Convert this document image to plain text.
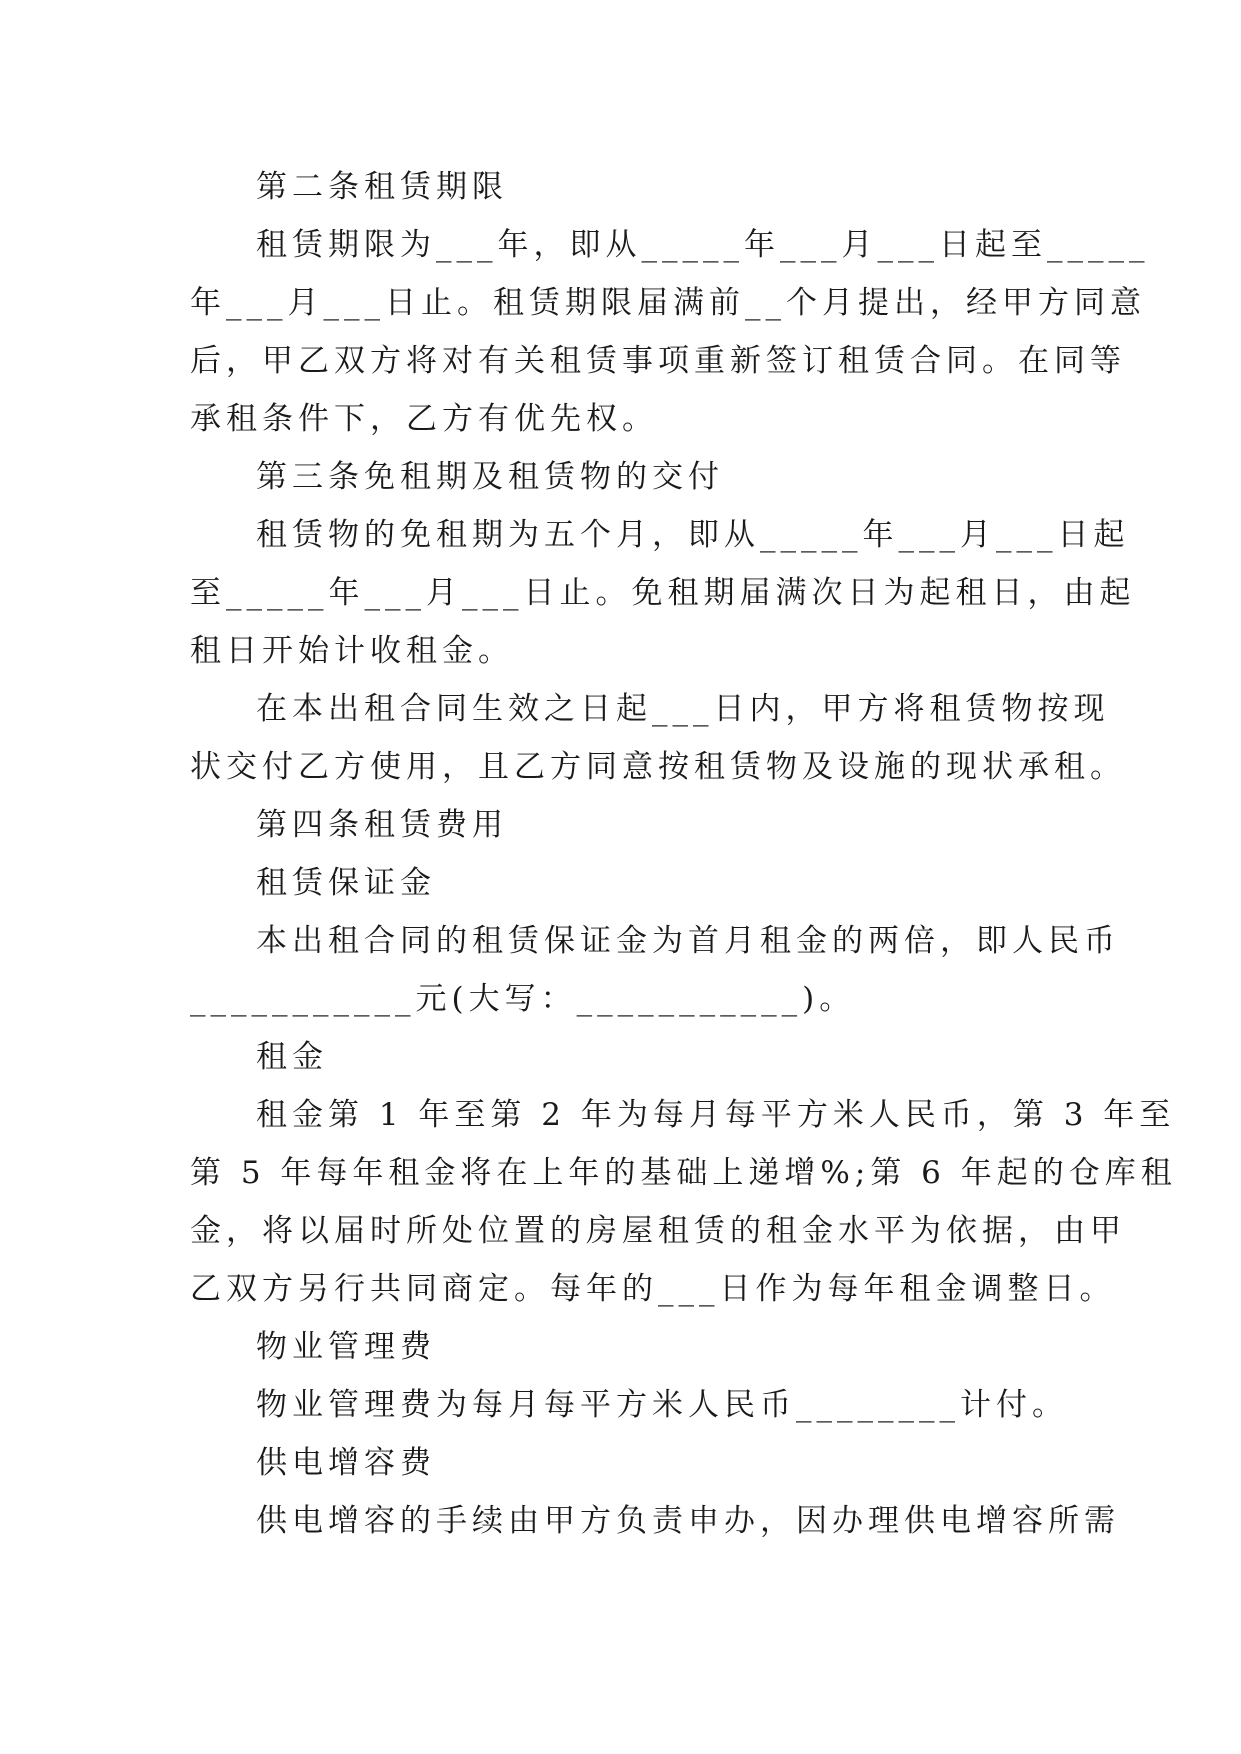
第二条租赁期限
租赁期限为___年，即从_____年___月___日起至_____
年___月___日止。租赁期限届满前__个月提出，经甲方同意
后，甲乙双方将对有关租赁事项重新签订租赁合同。在同等
承租条件下，乙方有优先权。
第三条免租期及租赁物的交付
租赁物的免租期为五个月，即从_____年___月___日起
至_____年___月___日止。免租期届满次日为起租日，由起
租日开始计收租金。
在本出租合同生效之日起___日内，甲方将租赁物按现
状交付乙方使用，且乙方同意按租赁物及设施的现状承租。
第四条租赁费用
租赁保证金
本出租合同的租赁保证金为首月租金的两倍，即人民币
___________元(大写：___________)。
租金
租金第 1 年至第 2 年为每月每平方米人民币，第 3 年至
第 5 年每年租金将在上年的基础上递增%;第 6 年起的仓库租
金，将以届时所处位置的房屋租赁的租金水平为依据，由甲
乙双方另行共同商定。每年的___日作为每年租金调整日。
物业管理费
物业管理费为每月每平方米人民币________计付。
供电增容费
供电增容的手续由甲方负责申办，因办理供电增容所需
